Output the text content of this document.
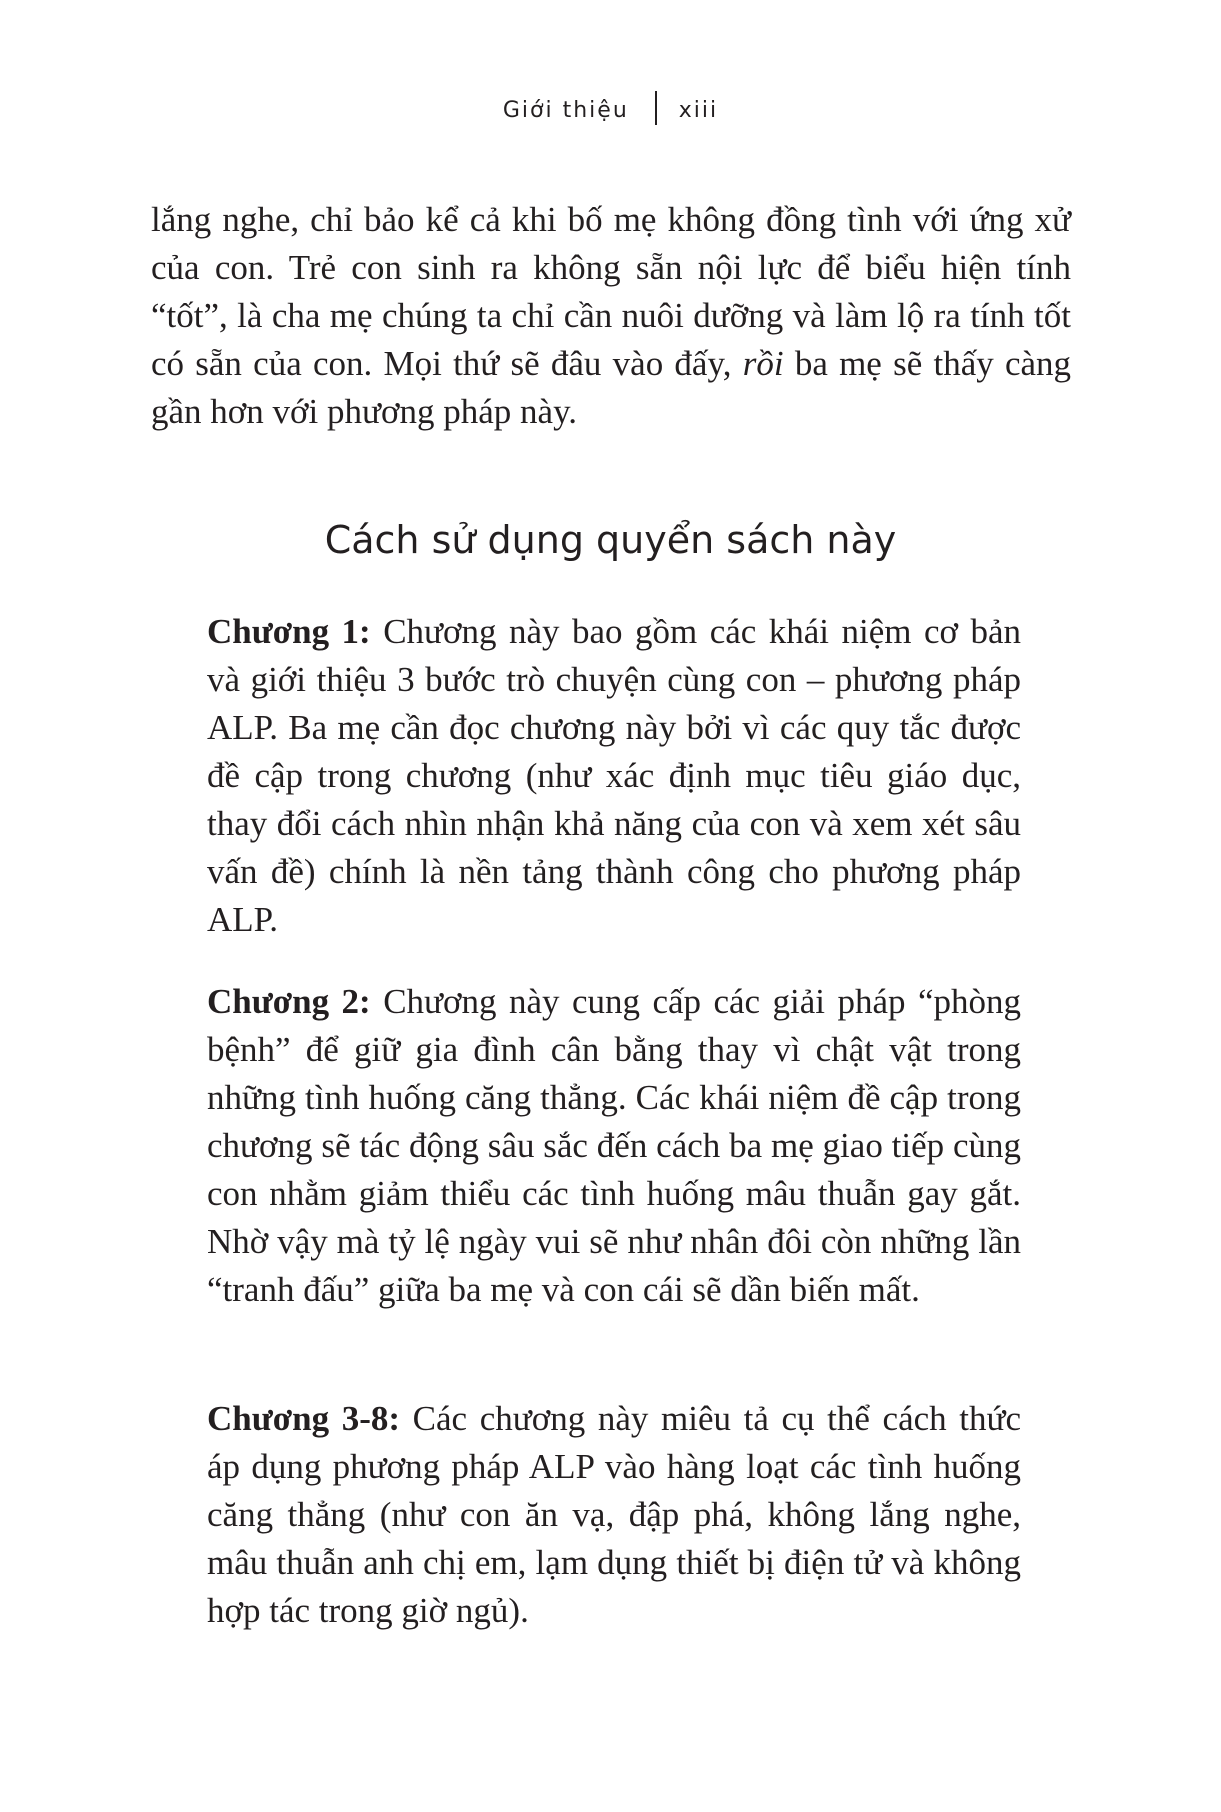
Giới thiệu xiii

lắng nghe, chỉ bảo kể cả khi bố mẹ không đồng tình với ứng xử của con. Trẻ con sinh ra không sẵn nội lực để biểu hiện tính “tốt”, là cha mẹ chúng ta chỉ cần nuôi dưỡng và làm lộ ra tính tốt có sẵn của con. Mọi thứ sẽ đâu vào đấy, rồi ba mẹ sẽ thấy càng gần hơn với phương pháp này.

Cách sử dụng quyển sách này

Chương 1: Chương này bao gồm các khái niệm cơ bản và giới thiệu 3 bước trò chuyện cùng con – phương pháp ALP. Ba mẹ cần đọc chương này bởi vì các quy tắc được đề cập trong chương (như xác định mục tiêu giáo dục, thay đổi cách nhìn nhận khả năng của con và xem xét sâu vấn đề) chính là nền tảng thành công cho phương pháp ALP.

Chương 2: Chương này cung cấp các giải pháp “phòng bệnh” để giữ gia đình cân bằng thay vì chật vật trong những tình huống căng thẳng. Các khái niệm đề cập trong chương sẽ tác động sâu sắc đến cách ba mẹ giao tiếp cùng con nhằm giảm thiểu các tình huống mâu thuẫn gay gắt. Nhờ vậy mà tỷ lệ ngày vui sẽ như nhân đôi còn những lần “tranh đấu” giữa ba mẹ và con cái sẽ dần biến mất.

Chương 3-8: Các chương này miêu tả cụ thể cách thức áp dụng phương pháp ALP vào hàng loạt các tình huống căng thẳng (như con ăn vạ, đập phá, không lắng nghe, mâu thuẫn anh chị em, lạm dụng thiết bị điện tử và không hợp tác trong giờ ngủ).
